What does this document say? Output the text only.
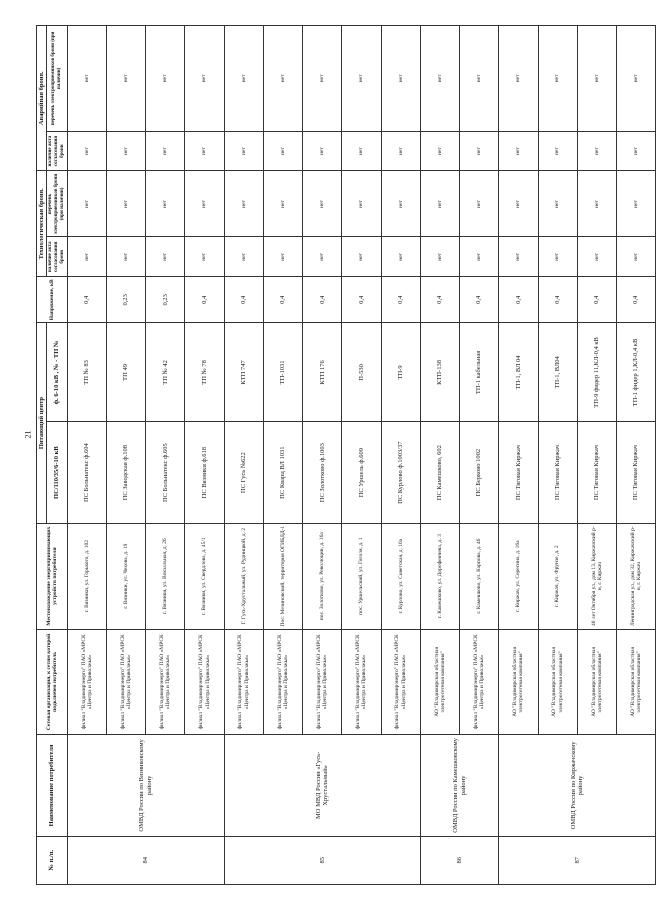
21
№ п./п.	Наименование потребителя	Сетевая организация, к сетям которой подключен потребитель	Местонахождение энергопринимающих устройств потребителя	Питающий центр		Напряжение, кВ	Технологическая броня.		Аварийная броня.	
				ПС/110/35/6-10 кВ	ф. 6-10 кВ , № - ТП №		наличие акта согласования брони	перечень электроприемников брони (при наличии)	наличие акта согласования брони	перечень электроприемников брони (при наличии)

84	ОМВД России по Вязниковскому району	филиал "Владимирэнерго" ПАО «МРСК «Центра и Приволжья»	г. Вязники, ул. Горького, д. 102	ПС Больнатекс ф.604	ТП № 83	0,4	нет	нет	нет	нет
		филиал "Владимирэнерго" ПАО «МРСК «Центра и Приволжья»	г. Вязники, ул. Чехова, д. 19	ПС Заводская ф.108	ТП 49	0,23	нет	нет	нет	нет
		филиал "Владимирэнерго" ПАО «МРСК «Центра и Приволжья»	г. Вязники, ул. Вокзальная, д. 26	ПС Больнатекс ф.605	ТП № 42	0,23	нет	нет	нет	нет
		филиал "Владимирэнерго" ПАО «МРСК «Центра и Приволжья»	г. Вязники, ул. Свердлова, д. 45/1	ПС Вязники ф.618	ТП № 78	0,4	нет	нет	нет	нет
85	МО МВД России «Гусь-Хрустальный»	филиал "Владимирэнерго" ПАО «МРСК «Центра и Приволжья»	Г. Гусь-Хрустальный, ул. Рудницкой, д. 2	ПС Гусь №622	КТП 747	0,4	нет	нет	нет	нет
		филиал "Владимирэнерго" ПАО «МРСК «Центра и Приволжья»	Пос. Мезиновский, территория ОГИБДД-1	ПС Кварц ВЛ 1031	ТП-1031	0,4	нет	нет	нет	нет
		филиал "Владимирэнерго" ПАО «МРСК «Центра и Приволжья»	пос. Золотково, ул. Революции, д. 16а	ПС Золотково ф.1003	КТП 176	0,4	нет	нет	нет	нет
		филиал "Владимирэнерго" ПАО «МРСК «Центра и Приволжья»	пос. Уршельский, ул. Гоголя, д. 1	ПС Уршель ф.609	П-530	0,4	нет	нет	нет	нет
		филиал "Владимирэнерго" ПАО «МРСК «Центра и Приволжья»	г. Курлово, ул. Советская, д. 10а	ПС Курлово ф.1003/37	ТП-9	0,4	нет	нет	нет	нет
86	ОМВД России по Камешковскому району	АО "Владимирская областная электросетевая компания"	г. Камешково, ул. Дорофеичева, д. 3	ПС Камешково, 602	КТП-138	0,4	нет	нет	нет	нет
		филиал "Владимирэнерго" ПАО «МРСК «Центра и Приволжья»	г. Камешково, ул. Карпова, д. 46	ПС Берково 1002	ТП-1 кабельная	0,4	нет	нет	нет	нет
87	ОМВД России по Киржачскому району	АО "Владимирская областная электросетевая компания"	г. Киржач, ул. Серегина, д. 16а	ПС Тяговая Киржач	ТП-1, ВЛ 04	0,4	нет	нет	нет	нет
		АО "Владимирская областная электросетевая компания"	г. Киржач, ул. Фрунзе, д. 2	ПС Тяговая Киржач	ТП-1, ВЛ04	0,4	нет	нет	нет	нет
		АО "Владимирская областная электросетевая компания"	40 лет Октября ул., дом 13, Киржачский р-н, г. Киржач	ПС Тяговая Киржач	ТП-9 фидер 11,КЛ-0,4 кВ	0,4	нет	нет	нет	нет
		АО "Владимирская областная электросетевая компания"	Ленинградская ул., дом 32, Киржачский р-н, г. Киржач	ПС Тяговая Киржач	ТП-1 фидер 1,КЛ-0,4 кВ	0,4	нет	нет	нет	нет
